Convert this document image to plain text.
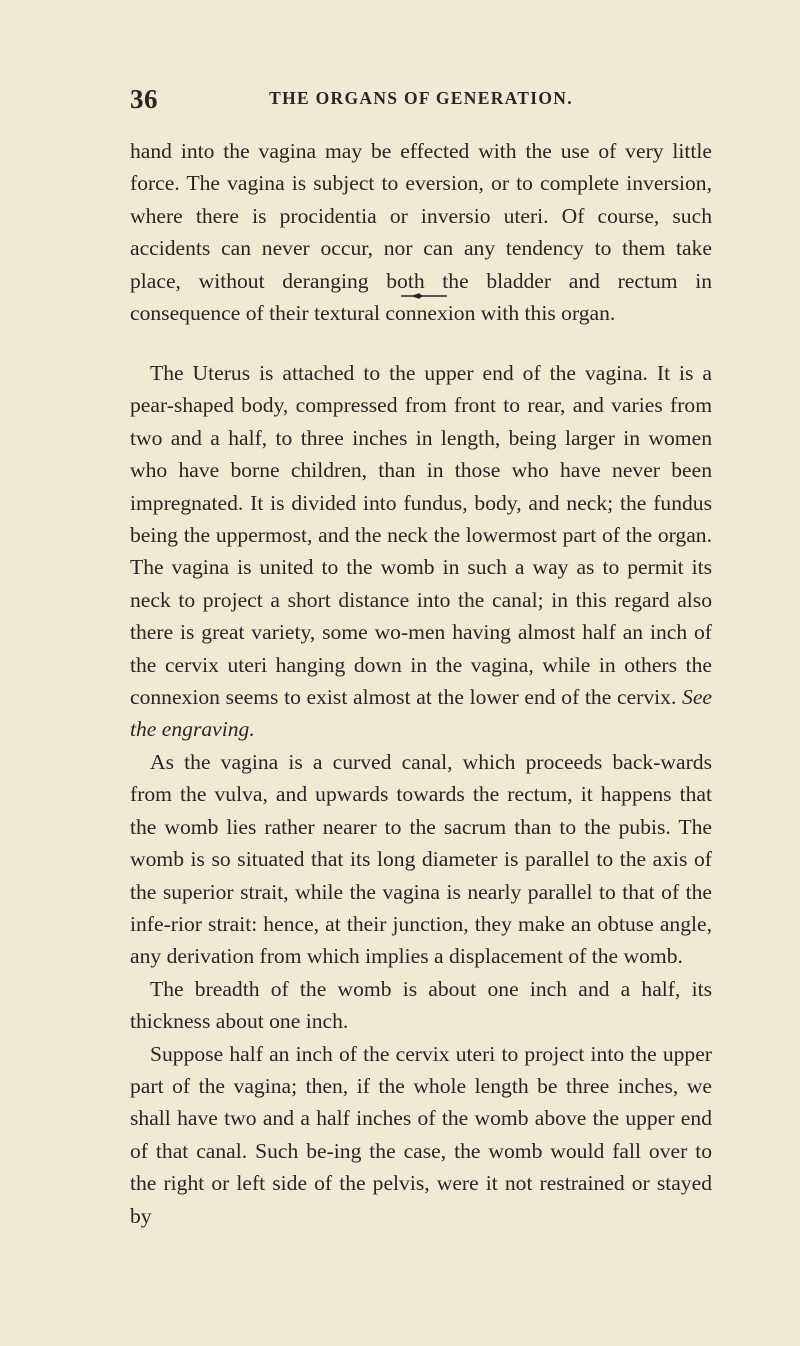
36	THE ORGANS OF GENERATION.

hand into the vagina may be effected with the use of very little force. The vagina is subject to eversion, or to complete inversion, where there is procidentia or inversio uteri. Of course, such accidents can never occur, nor can any tendency to them take place, without deranging both the bladder and rectum in consequence of their textural connexion with this organ.

The Uterus is attached to the upper end of the vagina. It is a pear-shaped body, compressed from front to rear, and varies from two and a half, to three inches in length, being larger in women who have borne children, than in those who have never been impregnated. It is divided into fundus, body, and neck; the fundus being the uppermost, and the neck the lowermost part of the organ. The vagina is united to the womb in such a way as to permit its neck to project a short distance into the canal; in this regard also there is great variety, some wo-men having almost half an inch of the cervix uteri hanging down in the vagina, while in others the connexion seems to exist almost at the lower end of the cervix. See the engraving.

As the vagina is a curved canal, which proceeds back-wards from the vulva, and upwards towards the rectum, it happens that the womb lies rather nearer to the sacrum than to the pubis. The womb is so situated that its long diameter is parallel to the axis of the superior strait, while the vagina is nearly parallel to that of the infe-rior strait: hence, at their junction, they make an obtuse angle, any derivation from which implies a displacement of the womb.

The breadth of the womb is about one inch and a half, its thickness about one inch.

Suppose half an inch of the cervix uteri to project into the upper part of the vagina; then, if the whole length be three inches, we shall have two and a half inches of the womb above the upper end of that canal. Such be-ing the case, the womb would fall over to the right or left side of the pelvis, were it not restrained or stayed by
